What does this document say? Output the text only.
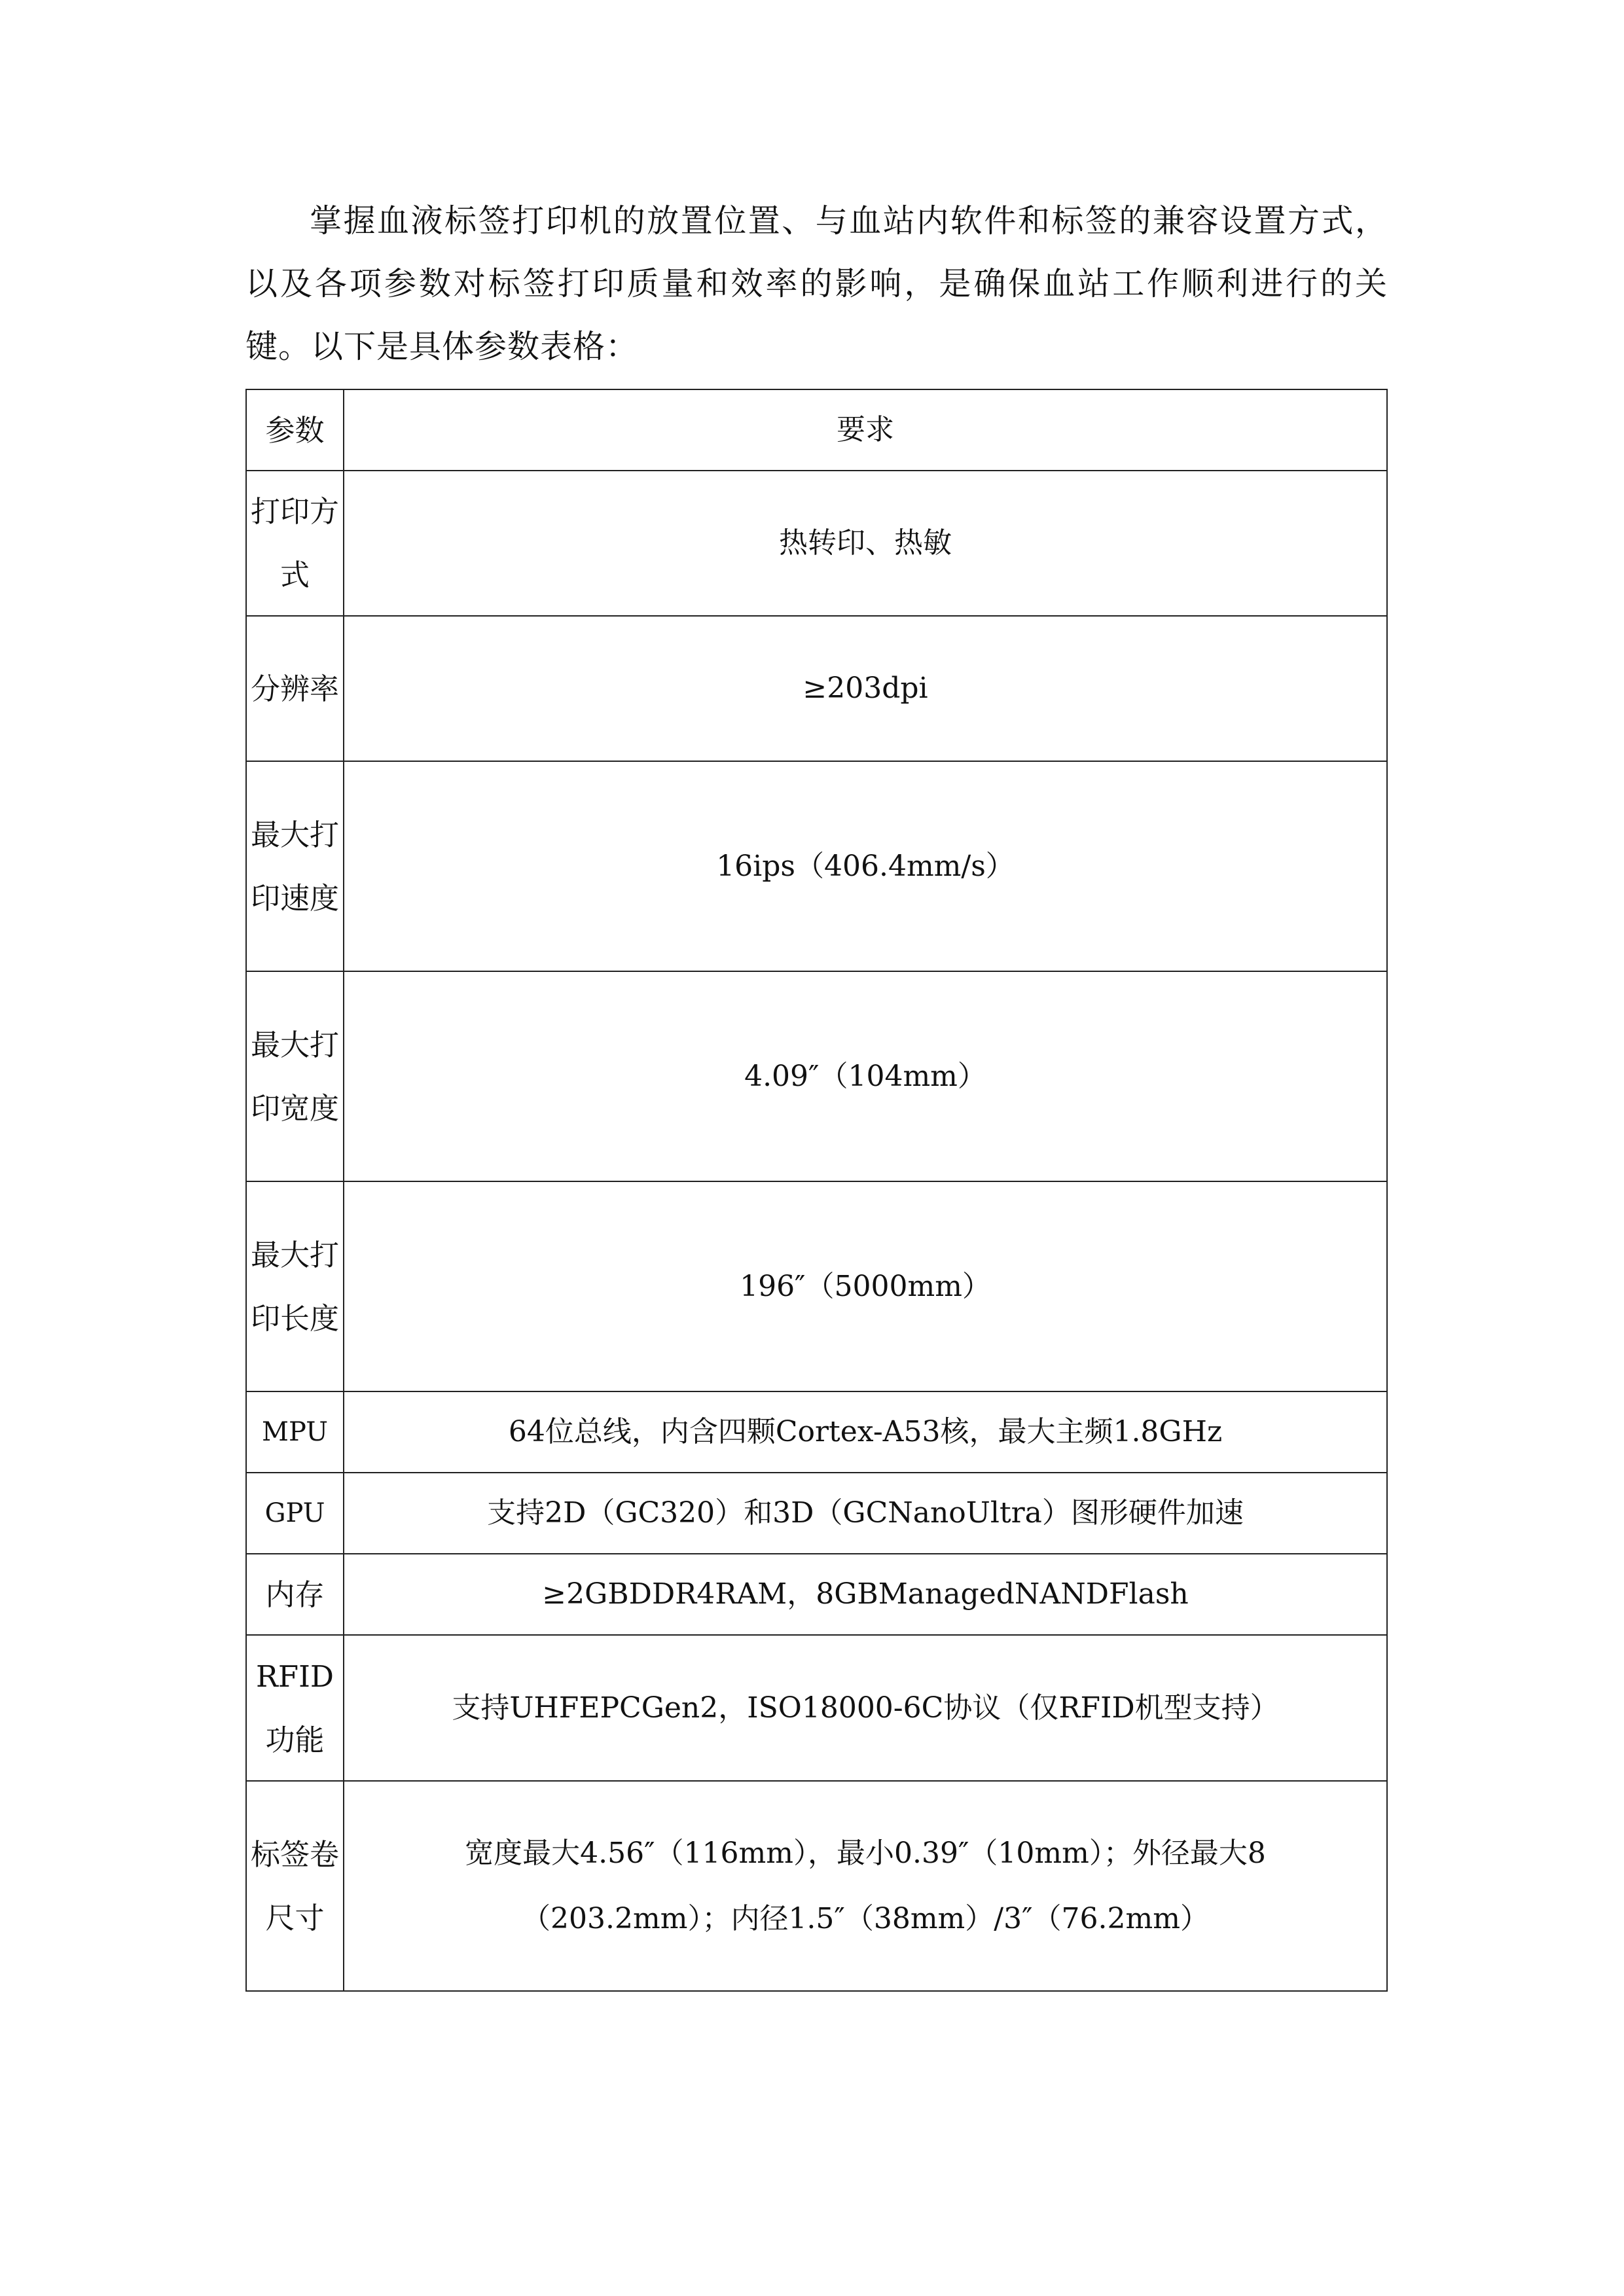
掌握血液标签打印机的放置位置、与血站内软件和标签的兼容设置方式，以及各项参数对标签打印质量和效率的影响，是确保血站工作顺利进行的关键。以下是具体参数表格：

参数	要求
打印方式	热转印、热敏
分辨率	≥203dpi
最大打印速度	16ips（406.4mm/s）
最大打印宽度	4.09″（104mm）
最大打印长度	196″（5000mm）
MPU	64位总线，内含四颗Cortex-A53核，最大主频1.8GHz
GPU	支持2D（GC320）和3D（GCNanoUltra）图形硬件加速
内存	≥2GBDDR4RAM，8GBManagedNANDFlash
RFID功能	支持UHFEPCGen2，ISO18000-6C协议（仅RFID机型支持）
标签卷尺寸	宽度最大4.56″（116mm），最小0.39″（10mm）；外径最大8（203.2mm）；内径1.5″（38mm）/3″（76.2mm）
